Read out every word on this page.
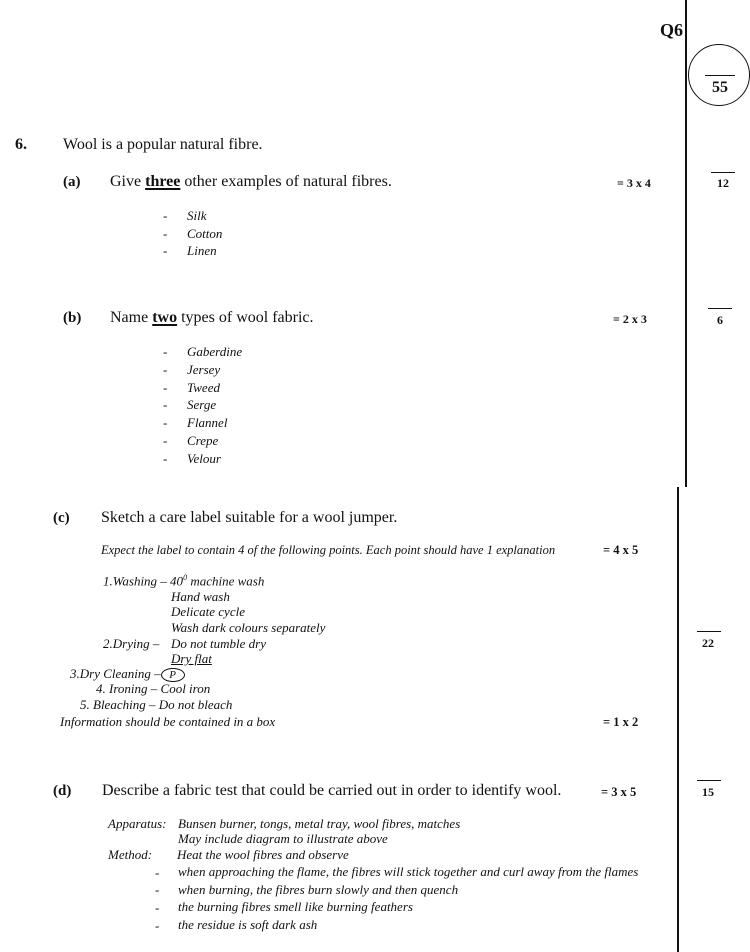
Q6
55
6. Wool is a popular natural fibre.
(a) Give three other examples of natural fibres.	= 3 x 4	12
- Silk
- Cotton
- Linen
(b) Name two types of wool fabric.	= 2 x 3	6
- Gaberdine
- Jersey
- Tweed
- Serge
- Flannel
- Crepe
- Velour
(c) Sketch a care label suitable for a wool jumper.
Expect the label to contain 4 of the following points. Each point should have 1 explanation	= 4 x 5
1.Washing – $40^0$ machine wash
Hand wash
Delicate cycle
Wash dark colours separately
2.Drying – Do not tumble dry
Dry flat
3.Dry Cleaning – P
4. Ironing – Cool iron
5. Bleaching – Do not bleach
Information should be contained in a box	= 1 x 2
22
(d) Describe a fabric test that could be carried out in order to identify wool.	= 3 x 5	15
Apparatus: Bunsen burner, tongs, metal tray, wool fibres, matches
May include diagram to illustrate above
Method: Heat the wool fibres and observe
- when approaching the flame, the fibres will stick together and curl away from the flames
- when burning, the fibres burn slowly and then quench
- the burning fibres smell like burning feathers
- the residue is soft dark ash
